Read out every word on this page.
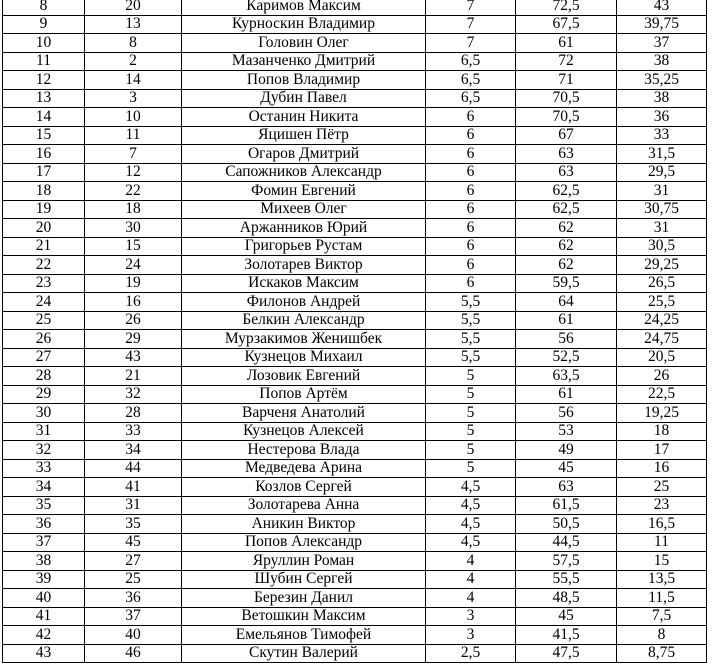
8	20	Каримов Максим	7	72,5	43
9	13	Курноскин Владимир	7	67,5	39,75
10	8	Головин Олег	7	61	37
11	2	Мазанченко Дмитрий	6,5	72	38
12	14	Попов Владимир	6,5	71	35,25
13	3	Дубин Павел	6,5	70,5	38
14	10	Останин Никита	6	70,5	36
15	11	Яцишен Пётр	6	67	33
16	7	Огаров Дмитрий	6	63	31,5
17	12	Сапожников Александр	6	63	29,5
18	22	Фомин Евгений	6	62,5	31
19	18	Михеев Олег	6	62,5	30,75
20	30	Аржанников Юрий	6	62	31
21	15	Григорьев Рустам	6	62	30,5
22	24	Золотарев Виктор	6	62	29,25
23	19	Искаков Максим	6	59,5	26,5
24	16	Филонов Андрей	5,5	64	25,5
25	26	Белкин Александр	5,5	61	24,25
26	29	Мурзакимов Женишбек	5,5	56	24,75
27	43	Кузнецов Михаил	5,5	52,5	20,5
28	21	Лозовик Евгений	5	63,5	26
29	32	Попов Артём	5	61	22,5
30	28	Варченя Анатолий	5	56	19,25
31	33	Кузнецов Алексей	5	53	18
32	34	Нестерова Влада	5	49	17
33	44	Медведева Арина	5	45	16
34	41	Козлов Сергей	4,5	63	25
35	31	Золотарева Анна	4,5	61,5	23
36	35	Аникин Виктор	4,5	50,5	16,5
37	45	Попов Александр	4,5	44,5	11
38	27	Яруллин Роман	4	57,5	15
39	25	Шубин Сергей	4	55,5	13,5
40	36	Березин Данил	4	48,5	11,5
41	37	Ветошкин Максим	3	45	7,5
42	40	Емельянов Тимофей	3	41,5	8
43	46	Скутин Валерий	2,5	47,5	8,75
